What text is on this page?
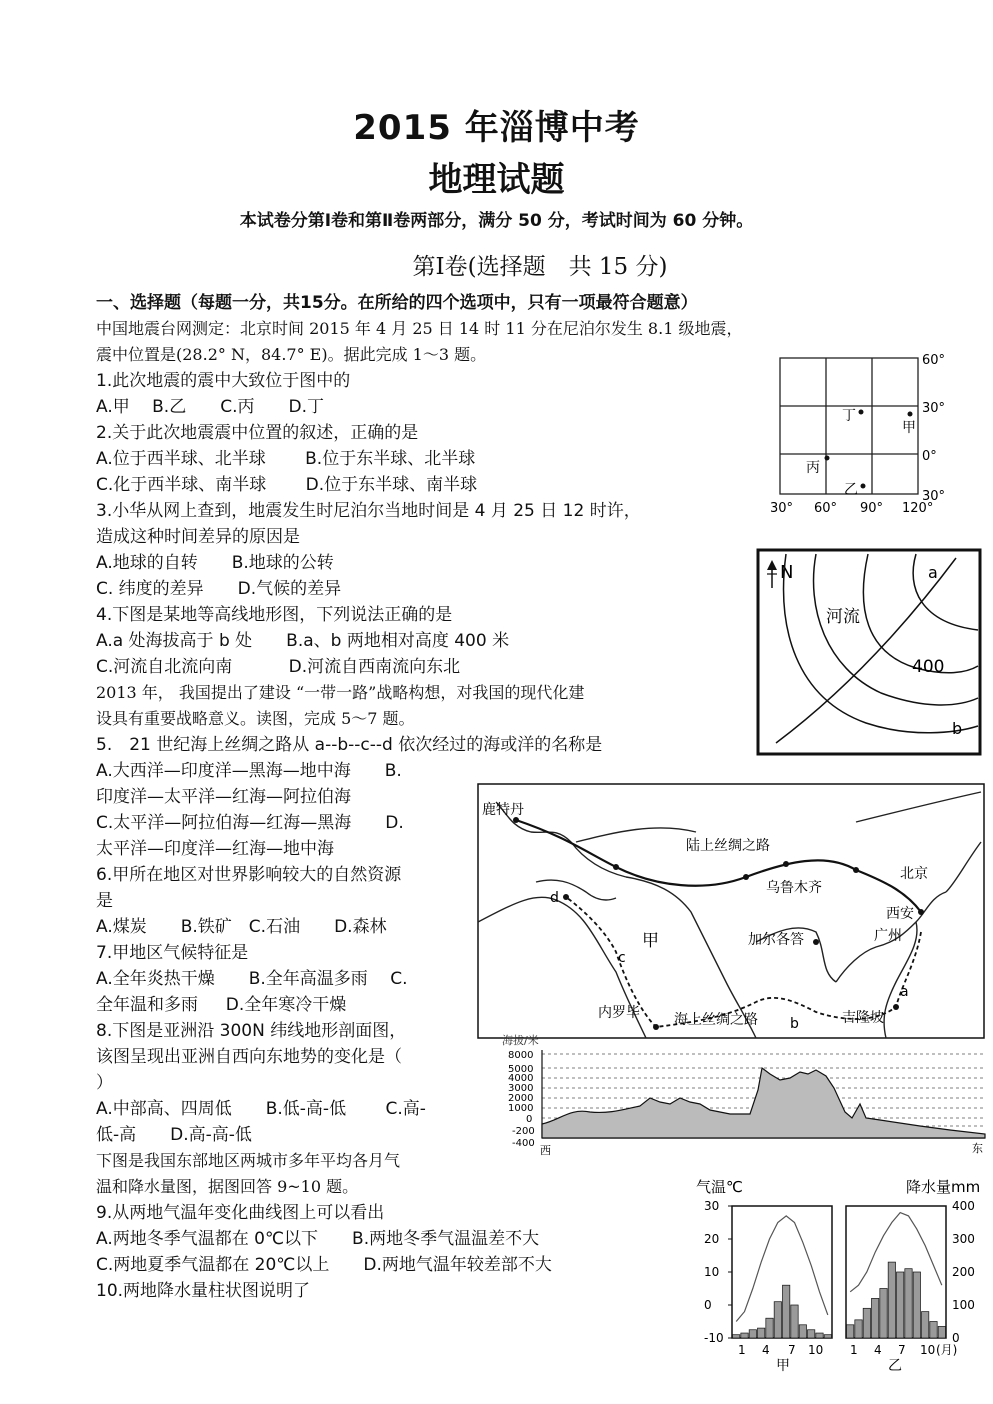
2015 年淄博中考
地理试题
本试卷分第Ⅰ卷和第Ⅱ卷两部分，满分 50 分，考试时间为 60 分钟。
第Ⅰ卷(选择题　共 15 分)
一、选择题（每题一分，共15分。在所给的四个选项中，只有一项最符合题意）
中国地震台网测定：北京时间 2015 年 4 月 25 日 14 时 11 分在尼泊尔发生 8.1 级地震，
震中位置是(28.2° N，84.7° E)。据此完成 1～3 题。
1.此次地震的震中大致位于图中的
A.甲　 B.乙　　C.丙　　D.丁
2.关于此次地震震中位置的叙述，正确的是
A.位于西半球、北半球　　 B.位于东半球、北半球
C.化于西半球、南半球　　 D.位于东半球、南半球
3.小华从网上查到，地震发生时尼泊尔当地时间是 4 月 25 日 12 时许，
造成这种时间差异的原因是
A.地球的自转　　B.地球的公转
C. 纬度的差异　　D.气候的差异
4.下图是某地等高线地形图，下列说法正确的是
A.a 处海拔高于 b 处　　B.a、b 两地相对高度 400 米
C.河流自北流向南　　　 D.河流自西南流向东北
2013 年， 我国提出了建设 “一带一路”战略构想，对我国的现代化建
设具有重要战略意义。读图，完成 5～7 题。
5.　21 世纪海上丝绸之路从 a--b--c--d 依次经过的海或洋的名称是
A.大西洋—印度洋—黑海—地中海　　B.
印度洋—太平洋—红海—阿拉伯海
C.太平洋—阿拉伯海—红海—黑海　　D.
太平洋—印度洋—红海—地中海
6.甲所在地区对世界影响较大的自然资源
是
A.煤炭　　B.铁矿　C.石油　　D.森林
7.甲地区气候特征是
A.全年炎热干燥　　B.全年高温多雨　 C.
全年温和多雨 　 D.全年寒冷干燥
8.下图是亚洲沿 300N 纬线地形剖面图，
该图呈现出亚洲自西向东地势的变化是（
）
A.中部高、四周低　　B.低-高-低　　 C.高-
低-高　　D.高-高-低
下图是我国东部地区两城市多年平均各月气
温和降水量图，据图回答 9~10 题。
9.从两地气温年变化曲线图上可以看出
A.两地冬季气温都在 0℃以下　　B.两地冬季气温温差不大
C.两地夏季气温都在 20℃以上　　D.两地气温年较差部不大
10.两地降水量柱状图说明了
60°
30°
0°
30°
30° 60° 90° 120°
丁
甲
丙
乙
N
河流
400
a
b
鹿特丹
陆上丝绸之路
乌鲁木齐
北京
西安
广州
加尔各答
甲
内罗毕 海上丝绸之路	吉隆坡
a
b
c
d
海拔/米
8000
5000
4000
3000
2000
1000
0
-200
-400
西	东
气温℃	降水量mm
30
20
10
0
-10
400
300
200
100
0
1 4 7 10 1 4 7 10 (月)
甲	乙
